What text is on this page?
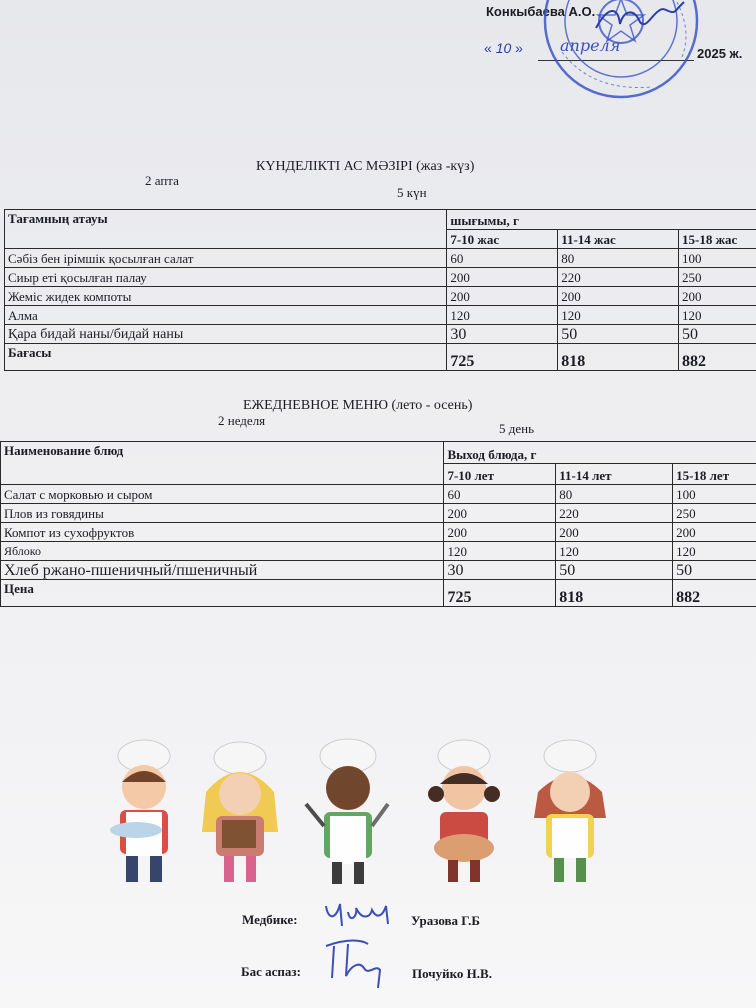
Конкыбаева А.О.
« 10 » апреля	2025 ж.
КҮНДЕЛІКТІ АС МӘЗІРІ (жаз -күз)
2 апта
5 күн
Тағамның атауы	шығымы, г		
	7-10 жас	11-14 жас	15-18 жас
Сәбіз бен ірімшік қосылған салат	60	80	100
Сиыр еті қосылған палау	200	220	250
Жеміс жидек компоты	200	200	200
Алма	120	120	120
Қара бидай наны/бидай наны	30	50	50
Бағасы	725	818	882
ЕЖЕДНЕВНОЕ МЕНЮ (лето - осень)
2 неделя
5 день
Наименование блюд	Выход блюда, г		
	7-10 лет	11-14 лет	15-18 лет
Салат с морковью и сыром	60	80	100
Плов из говядины	200	220	250
Компот из сухофруктов	200	200	200
Яблоко	120	120	120
Хлеб ржано-пшеничный/пшеничный	30	50	50
Цена	725	818	882
Медбике:	Уразова Г.Б
Бас аспаз:	Почуйко Н.В.
